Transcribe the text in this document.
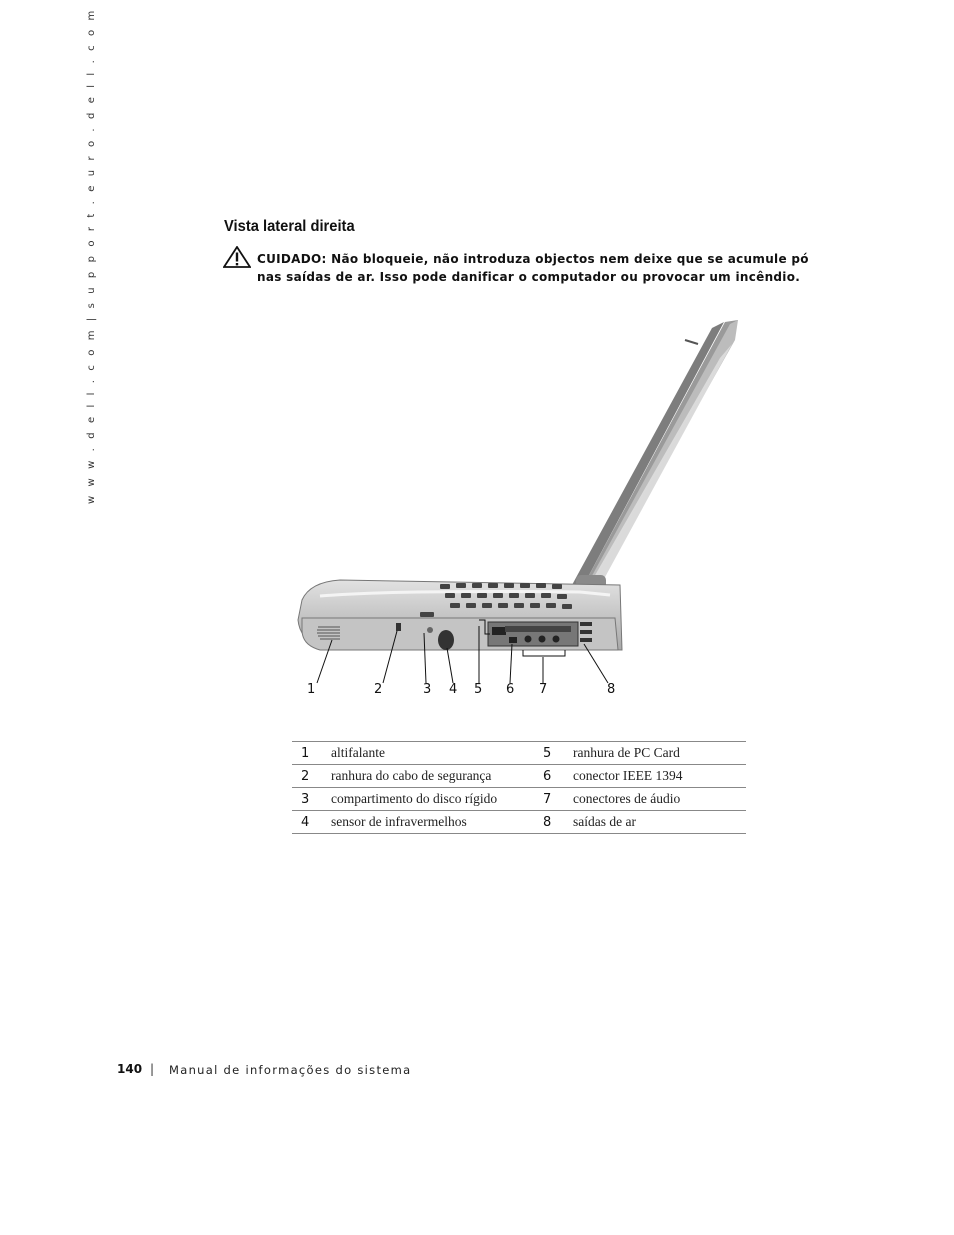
w w w . d e l l . c o m | s u p p o r t . e u r o . d e l l . c o m	Vista lateral direita
CUIDADO: Não bloqueie, não introduza objectos nem deixe que se acumule pó nas saídas de ar. Isso pode danificar o computador ou provocar um incêndio.
1	2	3 4 5 6 7	8
1	altifalante	5	ranhura de PC Card
2	ranhura do cabo de segurança	6	conector IEEE 1394
3	compartimento do disco rígido	7	conectores de áudio
4	sensor de infravermelhos	8	saídas de ar
140 | Manual de informações do sistema
